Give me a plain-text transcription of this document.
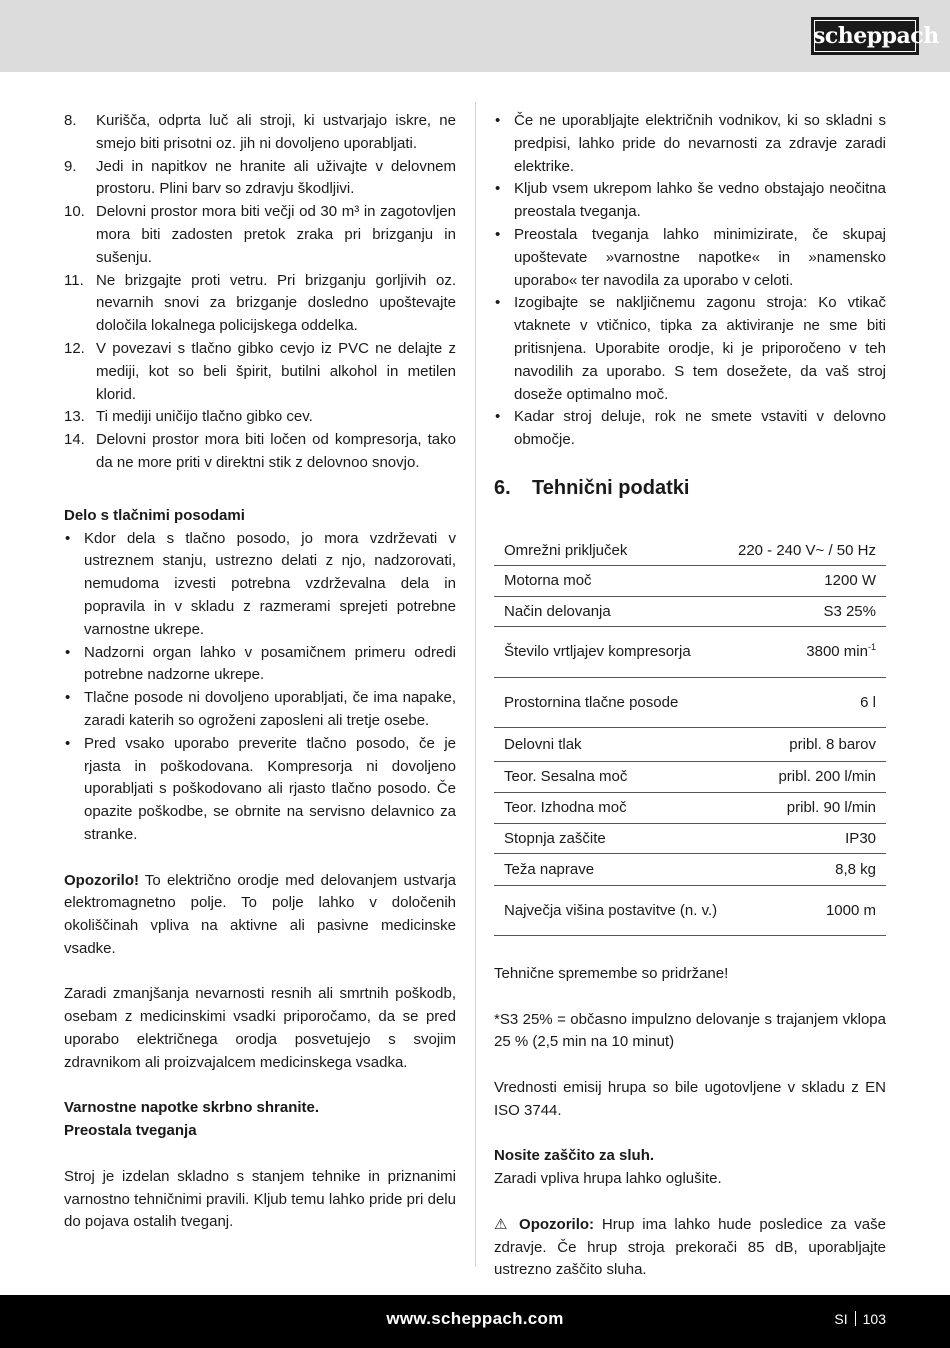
scheppach
8. Kurišča, odprta luč ali stroji, ki ustvarjajo iskre, ne smejo biti prisotni oz. jih ni dovoljeno uporabljati.
9. Jedi in napitkov ne hranite ali uživajte v delovnem prostoru. Plini barv so zdravju škodljivi.
10. Delovni prostor mora biti večji od 30 m³ in zagotovljen mora biti zadosten pretok zraka pri brizganju in sušenju.
11. Ne brizgajte proti vetru. Pri brizganju gorljivih oz. nevarnih snovi za brizganje dosledno upoštevajte določila lokalnega policijskega oddelka.
12. V povezavi s tlačno gibko cevjo iz PVC ne delajte z mediji, kot so beli špirit, butilni alkohol in metilen klorid.
13. Ti mediji uničijo tlačno gibko cev.
14. Delovni prostor mora biti ločen od kompresorja, tako da ne more priti v direktni stik z delovnoo snovjo.
Delo s tlačnimi posodami
• Kdor dela s tlačno posodo, jo mora vzdrževati v ustreznem stanju, ustrezno delati z njo, nadzorovati, nemudoma izvesti potrebna vzdrževalna dela in popravila in v skladu z razmerami sprejeti potrebne varnostne ukrepe.
• Nadzorni organ lahko v posamičnem primeru odredi potrebne nadzorne ukrepe.
• Tlačne posode ni dovoljeno uporabljati, če ima napake, zaradi katerih so ogroženi zaposleni ali tretje osebe.
• Pred vsako uporabo preverite tlačno posodo, če je rjasta in poškodovana. Kompresorja ni dovoljeno uporabljati s poškodovano ali rjasto tlačno posodo. Če opazite poškodbe, se obrnite na servisno delavnico za stranke.

Opozorilo! To električno orodje med delovanjem ustvarja elektromagnetno polje. To polje lahko v določenih okoliščinah vpliva na aktivne ali pasivne medicinske vsadke.

Zaradi zmanjšanja nevarnosti resnih ali smrtnih poškodb, osebam z medicinskimi vsadki priporočamo, da se pred uporabo električnega orodja posvetujejo s svojim zdravnikom ali proizvajalcem medicinskega vsadka.

Varnostne napotke skrbno shranite.
Preostala tveganja

Stroj je izdelan skladno s stanjem tehnike in priznanimi varnostno tehničnimi pravili. Kljub temu lahko pride pri delu do pojava ostalih tveganj.

• Če ne uporabljajte električnih vodnikov, ki so skladni s predpisi, lahko pride do nevarnosti za zdravje zaradi elektrike.
• Kljub vsem ukrepom lahko še vedno obstajajo neočitna preostala tveganja.
• Preostala tveganja lahko minimizirate, če skupaj upoštevate »varnostne napotke« in »namensko uporabo« ter navodila za uporabo v celoti.
• Izogibajte se nakljičnemu zagonu stroja: Ko vtikač vtaknete v vtičnico, tipka za aktiviranje ne sme biti pritisnjena. Uporabite orodje, ki je priporočeno v teh navodilih za uporabo. S tem dosežete, da vaš stroj doseže optimalno moč.
• Kadar stroj deluje, rok ne smete vstaviti v delovno območje.
6. Tehnični podatki
Omrežni priključek	220 - 240 V~ / 50 Hz
Motorna moč	1200 W
Način delovanja	S3 25%
Število vrtljajev kompresorja	3800 $\min^{-1}$
Prostornina tlačne posode	6 l
Delovni tlak	pribl. 8 barov
Teor. Sesalna moč	pribl. 200 l/min
Teor. Izhodna moč	pribl. 90 l/min
Stopnja zaščite	IP30
Teža naprave	8,8 kg
Največja višina postavitve (n. v.)	1000 m

Tehnične spremembe so pridržane!

*S3 25% = občasno impulzno delovanje s trajanjem vklopa 25 % (2,5 min na 10 minut)

Vrednosti emisij hrupa so bile ugotovljene v skladu z EN ISO 3744.

Nosite zaščito za sluh.

Zaradi vpliva hrupa lahko oglušite.

⚠ Opozorilo: Hrup ima lahko hude posledice za vaše zdravje. Če hrup stroja prekorači 85 dB, uporabljajte ustrezno zaščito sluha.

www.scheppach.com	SI 103
